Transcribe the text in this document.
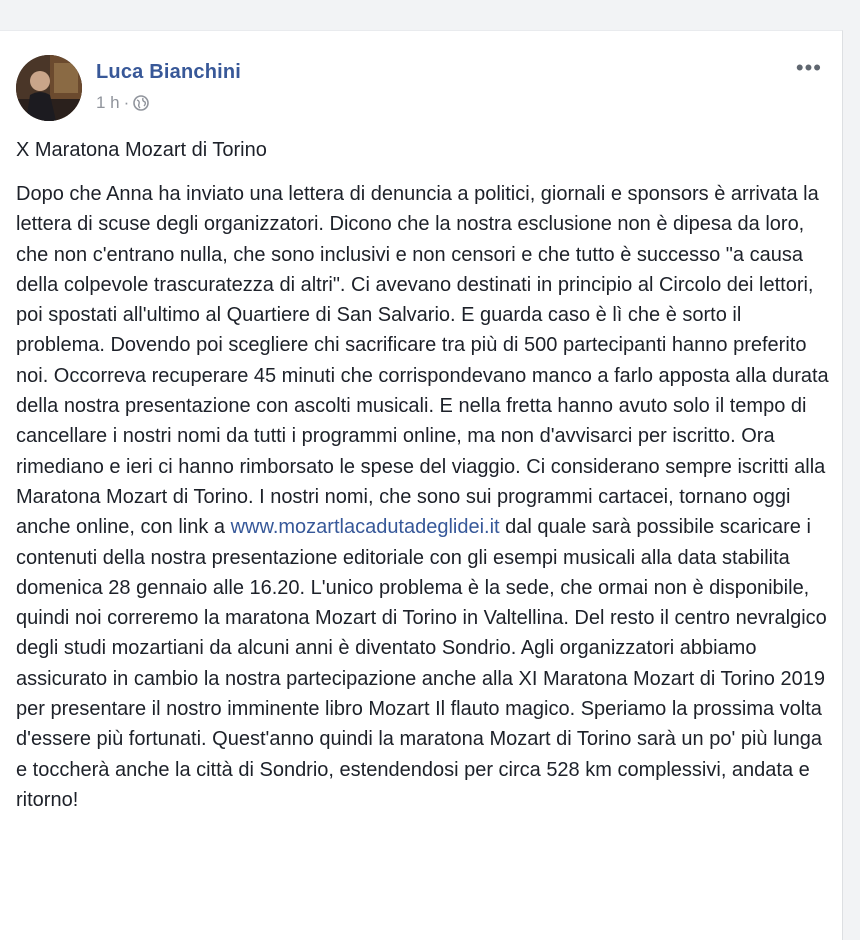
Luca Bianchini
1 h ·
•••
X Maratona Mozart di Torino
Dopo che Anna ha inviato una lettera di denuncia a politici, giornali e sponsors è arrivata la lettera di scuse degli organizzatori. Dicono che la nostra esclusione non è dipesa da loro, che non c'entrano nulla, che sono inclusivi e non censori e che tutto è successo "a causa della colpevole trascuratezza di altri". Ci avevano destinati in principio al Circolo dei lettori, poi spostati all'ultimo al Quartiere di San Salvario. E guarda caso è lì che è sorto il problema. Dovendo poi scegliere chi sacrificare tra più di 500 partecipanti hanno preferito noi. Occorreva recuperare 45 minuti che corrispondevano manco a farlo apposta alla durata della nostra presentazione con ascolti musicali. E nella fretta hanno avuto solo il tempo di cancellare i nostri nomi da tutti i programmi online, ma non d'avvisarci per iscritto. Ora rimediano e ieri ci hanno rimborsato le spese del viaggio. Ci considerano sempre iscritti alla Maratona Mozart di Torino. I nostri nomi, che sono sui programmi cartacei, tornano oggi anche online, con link a www.mozartlacadutadeglidei.it dal quale sarà possibile scaricare i contenuti della nostra presentazione editoriale con gli esempi musicali alla data stabilita domenica 28 gennaio alle 16.20. L'unico problema è la sede, che ormai non è disponibile, quindi noi correremo la maratona Mozart di Torino in Valtellina. Del resto il centro nevralgico degli studi mozartiani da alcuni anni è diventato Sondrio. Agli organizzatori abbiamo assicurato in cambio la nostra partecipazione anche alla XI Maratona Mozart di Torino 2019 per presentare il nostro imminente libro Mozart Il flauto magico. Speriamo la prossima volta d'essere più fortunati. Quest'anno quindi la maratona Mozart di Torino sarà un po' più lunga e toccherà anche la città di Sondrio, estendendosi per circa 528 km complessivi, andata e ritorno!
